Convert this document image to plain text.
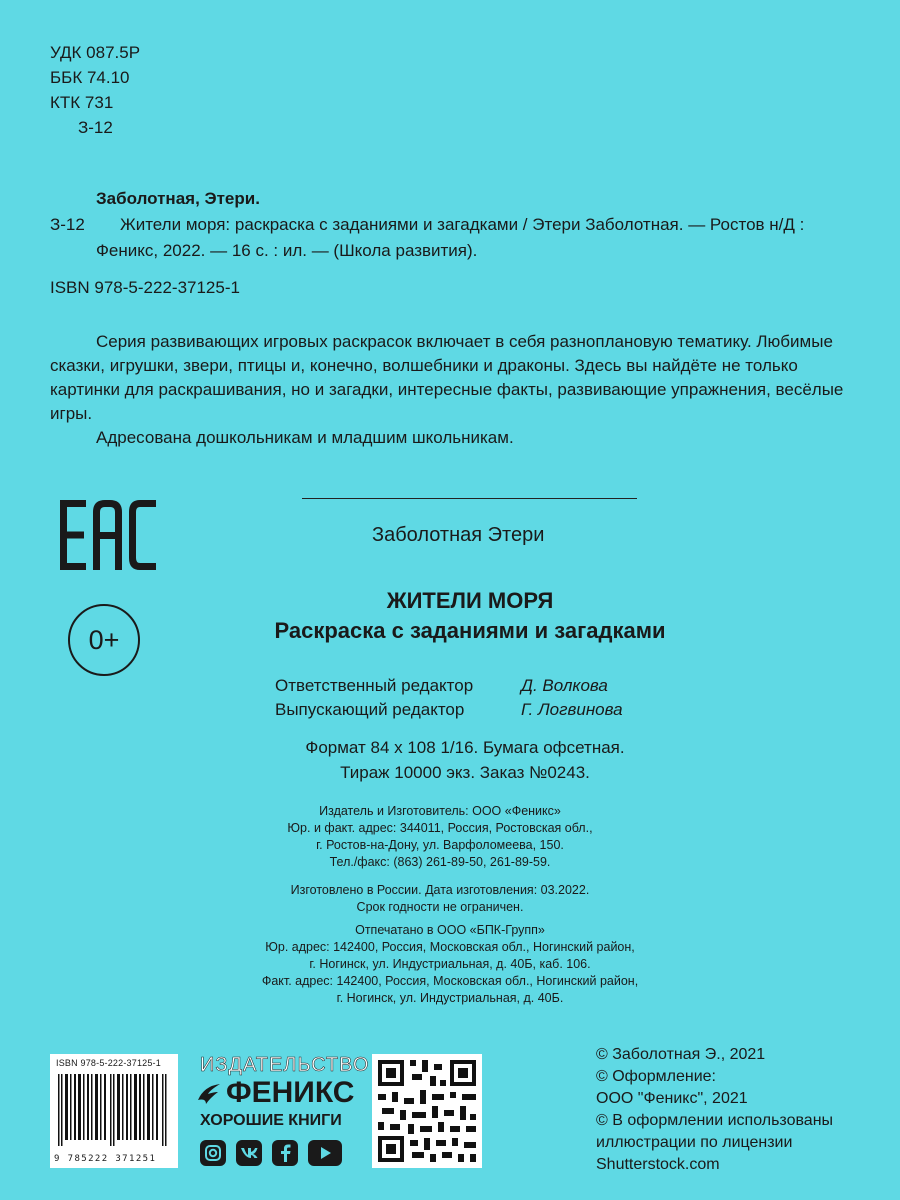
УДК 087.5Р
ББК 74.10
КТК 731
З-12
Заболотная, Этери.
З-12	Жители моря: раскраска с заданиями и загадками / Этери Заболотная. — Ростов н/Д :
Феникс, 2022. — 16 с. : ил. — (Школа развития).
ISBN 978-5-222-37125-1

Серия развивающих игровых раскрасок включает в себя разноплановую тематику. Любимые сказки, игрушки, звери, птицы и, конечно, волшебники и драконы. Здесь вы найдёте не только картинки для раскрашивания, но и загадки, интересные факты, развивающие упражнения, весёлые игры.

Адресована дошкольникам и младшим школьникам.

0+
Заболотная Этери
ЖИТЕЛИ МОРЯ
Раскраска с заданиями и загадками
Ответственный редактор	Д. Волкова
Выпускающий редактор	Г. Логвинова
Формат 84 x 108 1/16. Бумага офсетная.
Тираж 10000 экз. Заказ №0243.
Издатель и Изготовитель: ООО «Феникс»
Юр. и факт. адрес: 344011, Россия, Ростовская обл.,
г. Ростов-на-Дону, ул. Варфоломеева, 150.
Тел./факс: (863) 261-89-50, 261-89-59.
Изготовлено в России. Дата изготовления: 03.2022.
Срок годности не ограничен.
Отпечатано в ООО «БПК-Групп»
Юр. адрес: 142400, Россия, Московская обл., Ногинский район,
г. Ногинск, ул. Индустриальная, д. 40Б, каб. 106.
Факт. адрес: 142400, Россия, Московская обл., Ногинский район,
г. Ногинск, ул. Индустриальная, д. 40Б.
ISBN 978-5-222-37125-1
9 785222 371251
ИЗДАТЕЛЬСТВО
ФЕНИКС
ХОРОШИЕ КНИГИ
© Заболотная Э., 2021
© Оформление:
ООО "Феникс", 2021
© В оформлении использованы
иллюстрации по лицензии
Shutterstock.com
